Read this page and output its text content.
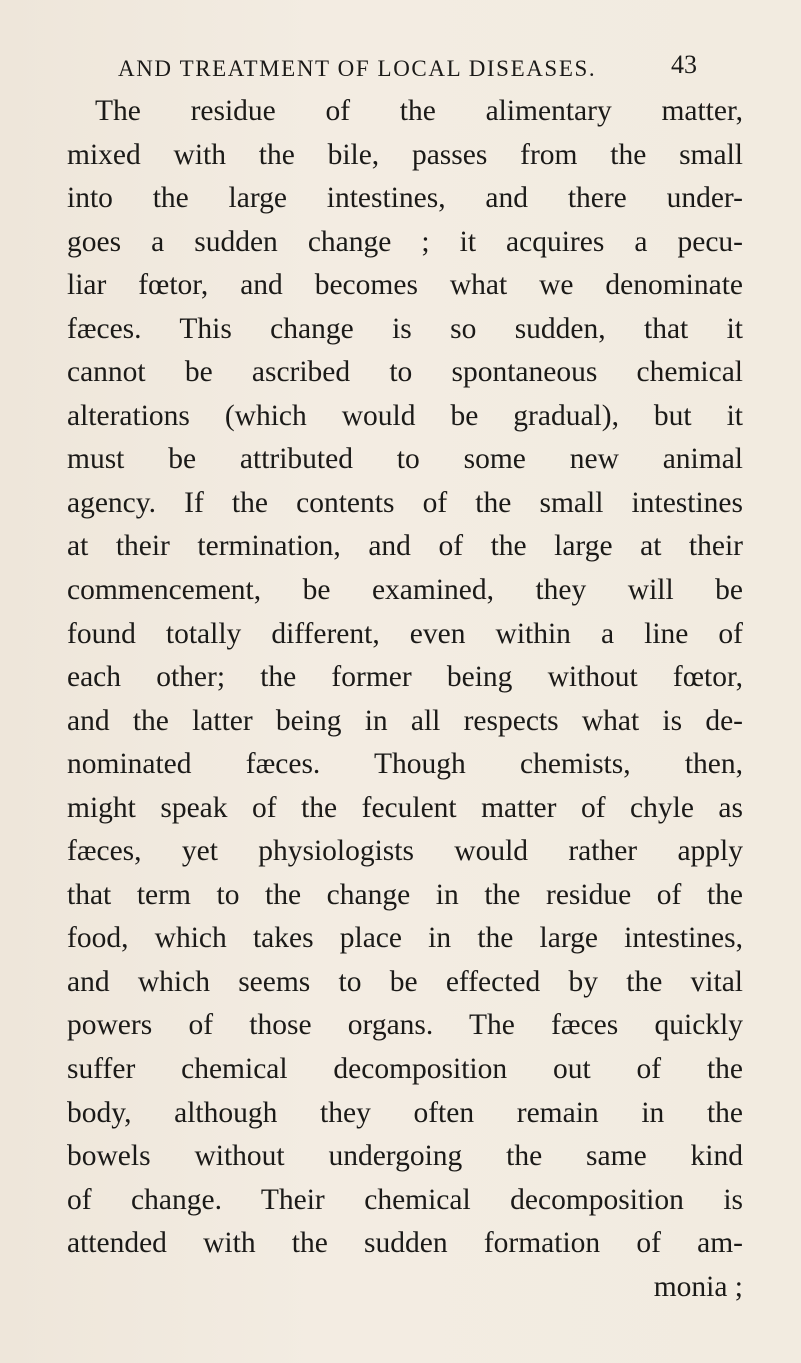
AND TREATMENT OF LOCAL DISEASES.	43
The residue of the alimentary matter,
mixed with the bile, passes from the small
into the large intestines, and there under-
goes a sudden change ; it acquires a pecu-
liar fœtor, and becomes what we denominate
fæces. This change is so sudden, that it
cannot be ascribed to spontaneous chemical
alterations (which would be gradual), but it
must be attributed to some new animal
agency. If the contents of the small intestines
at their termination, and of the large at their
commencement, be examined, they will be
found totally different, even within a line of
each other; the former being without fœtor,
and the latter being in all respects what is de-
nominated fæces. Though chemists, then,
might speak of the feculent matter of chyle as
fæces, yet physiologists would rather apply
that term to the change in the residue of the
food, which takes place in the large intestines,
and which seems to be effected by the vital
powers of those organs. The fæces quickly
suffer chemical decomposition out of the
body, although they often remain in the
bowels without undergoing the same kind
of change. Their chemical decomposition is
attended with the sudden formation of am-
monia ;
